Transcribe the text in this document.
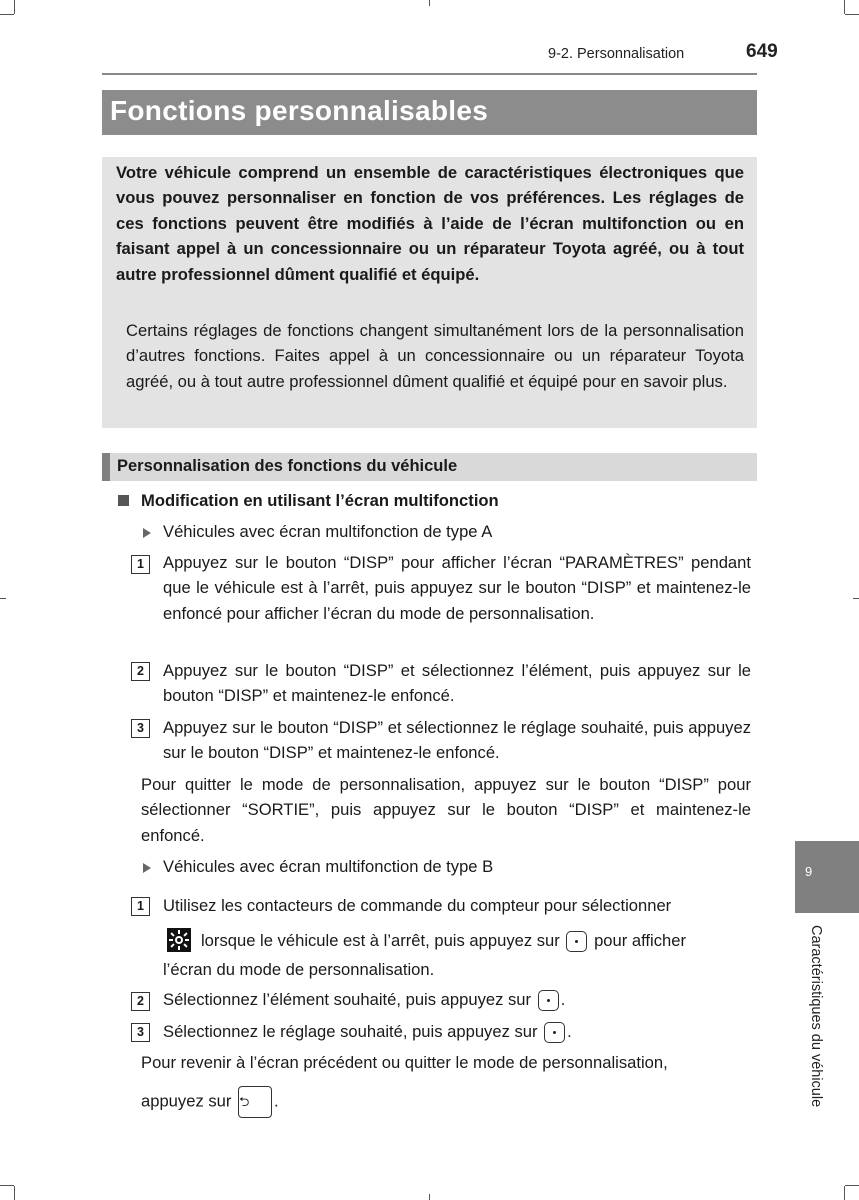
9-2. Personnalisation	649
Fonctions personnalisables
Votre véhicule comprend un ensemble de caractéristiques électroniques que vous pouvez personnaliser en fonction de vos préférences. Les réglages de ces fonctions peuvent être modifiés à l’aide de l’écran multifonction ou en faisant appel à un concessionnaire ou un réparateur Toyota agréé, ou à tout autre professionnel dûment qualifié et équipé.
Certains réglages de fonctions changent simultanément lors de la personnalisation d’autres fonctions. Faites appel à un concessionnaire ou un réparateur Toyota agréé, ou à tout autre professionnel dûment qualifié et équipé pour en savoir plus.
Personnalisation des fonctions du véhicule
Modification en utilisant l’écran multifonction
Véhicules avec écran multifonction de type A
1	Appuyez sur le bouton “DISP” pour afficher l’écran “PARAMÈTRES” pendant que le véhicule est à l’arrêt, puis appuyez sur le bouton “DISP” et maintenez-le enfoncé pour afficher l’écran du mode de personnalisation.
2	Appuyez sur le bouton “DISP” et sélectionnez l’élément, puis appuyez sur le bouton “DISP” et maintenez-le enfoncé.
3	Appuyez sur le bouton “DISP” et sélectionnez le réglage souhaité, puis appuyez sur le bouton “DISP” et maintenez-le enfoncé.
Pour quitter le mode de personnalisation, appuyez sur le bouton “DISP” pour sélectionner “SORTIE”, puis appuyez sur le bouton “DISP” et maintenez-le enfoncé.
Véhicules avec écran multifonction de type B
1	Utilisez les contacteurs de commande du compteur pour sélectionner
lorsque le véhicule est à l’arrêt, puis appuyez sur pour afficher
l’écran du mode de personnalisation.
2	Sélectionnez l’élément souhaité, puis appuyez sur .
3	Sélectionnez le réglage souhaité, puis appuyez sur .
Pour revenir à l’écran précédent ou quitter le mode de personnalisation,
appuyez sur ⮌ .
9
Caractéristiques du véhicule
